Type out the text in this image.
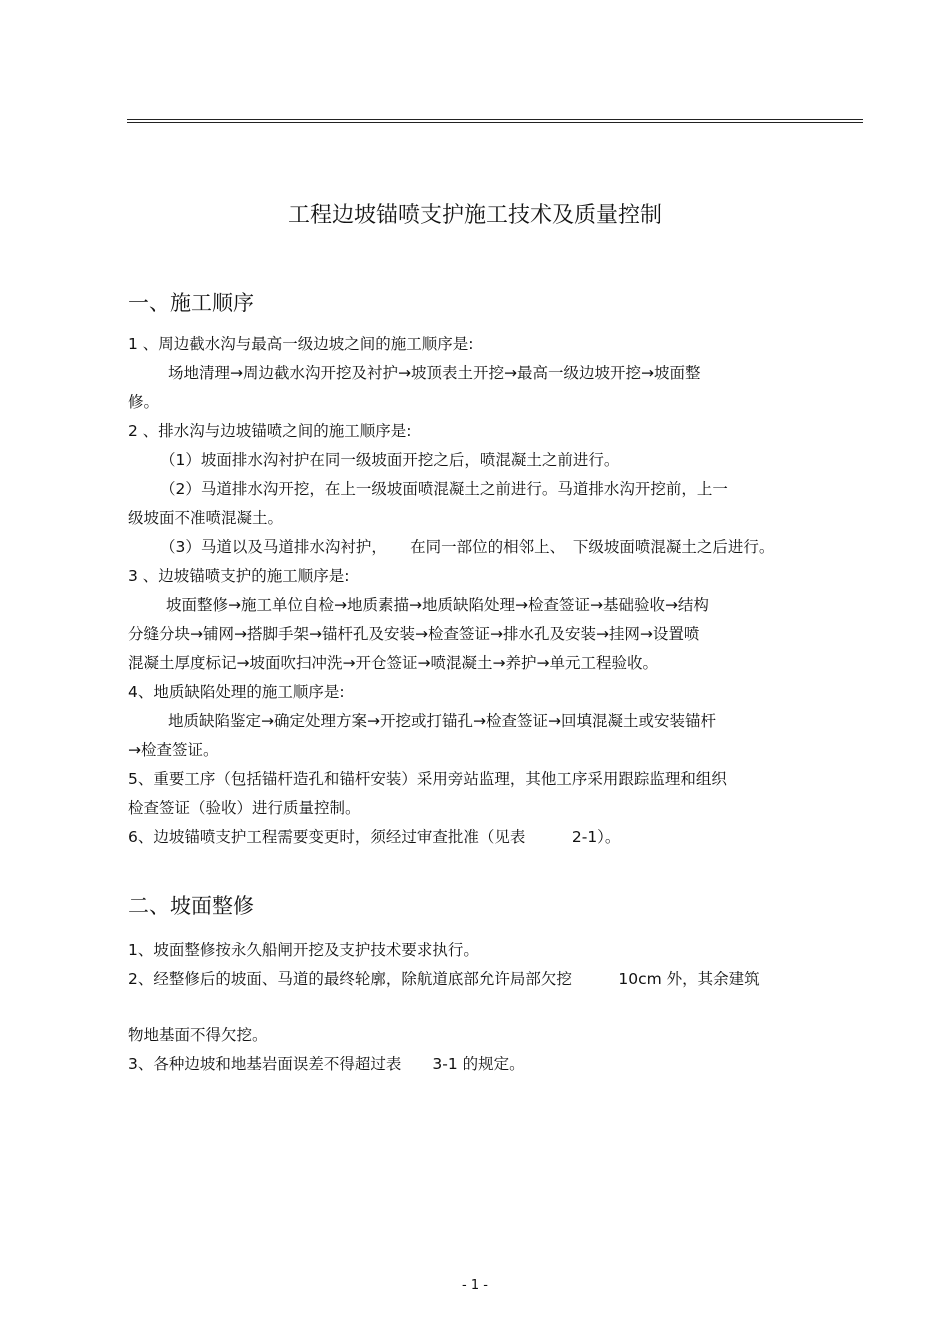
工程边坡锚喷支护施工技术及质量控制
一、施工顺序
1 、周边截水沟与最高一级边坡之间的施工顺序是:
场地清理→周边截水沟开挖及衬护→坡顶表土开挖→最高一级边坡开挖→坡面整
修。
2 、排水沟与边坡锚喷之间的施工顺序是:
（1）坡面排水沟衬护在同一级坡面开挖之后，喷混凝土之前进行。
（2）马道排水沟开挖，在上一级坡面喷混凝土之前进行。马道排水沟开挖前，上一
级坡面不准喷混凝土。
（3）马道以及马道排水沟衬护，　　在同一部位的相邻上、　下级坡面喷混凝土之后进行。
3 、边坡锚喷支护的施工顺序是:
坡面整修→施工单位自检→地质素描→地质缺陷处理→检查签证→基础验收→结构
分缝分块→铺网→搭脚手架→锚杆孔及安装→检查签证→排水孔及安装→挂网→设置喷
混凝土厚度标记→坡面吹扫冲洗→开仓签证→喷混凝土→养护→单元工程验收。
4、地质缺陷处理的施工顺序是:
地质缺陷鉴定→确定处理方案→开挖或打锚孔→检查签证→回填混凝土或安装锚杆
→检查签证。
5、重要工序（包括锚杆造孔和锚杆安装）采用旁站监理，其他工序采用跟踪监理和组织
检查签证（验收）进行质量控制。
6、边坡锚喷支护工程需要变更时，须经过审查批准（见表　　　2-1）。
二、坡面整修
1、坡面整修按永久船闸开挖及支护技术要求执行。
2、经整修后的坡面、马道的最终轮廓，除航道底部允许局部欠挖　　　10cm 外，其余建筑
物地基面不得欠挖。
3、各种边坡和地基岩面误差不得超过表　　3-1 的规定。
- 1 -
